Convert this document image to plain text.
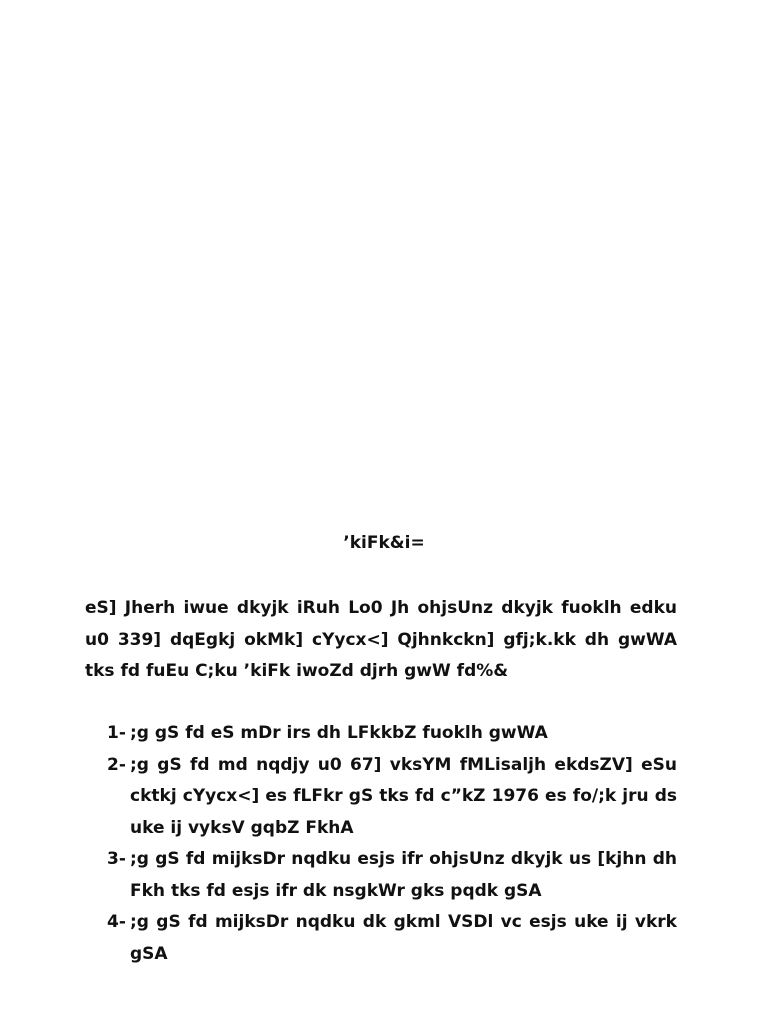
’kiFk&i=
eS] Jherh iwue dkyjk iRuh Lo0 Jh ohjsUnz dkyjk fuoklh edku u0 339] dqEgkj okMk] cYycx<] Qjhnkckn] gfj;k.kk dh gwWA tks fd fuEu C;ku ’kiFk iwoZd djrh gwW fd%&
1- ;g gS fd eS mDr irs dh LFkkbZ fuoklh gwWA
2- ;g gS fd md nqdjy u0 67] vksYM fMLisaljh ekdsZV] eSu cktkj cYycx<] es fLFkr gS tks fd c”kZ 1976 es fo/;k jru ds uke ij vyksV gqbZ FkhA
3- ;g gS fd mijksDr nqdku esjs ifr ohjsUnz dkyjk us [kjhn dh Fkh tks fd esjs ifr dk nsgkWr gks pqdk gSA
4- ;g gS fd mijksDr nqdku dk gkml VSDl vc esjs uke ij vkrk gSA
